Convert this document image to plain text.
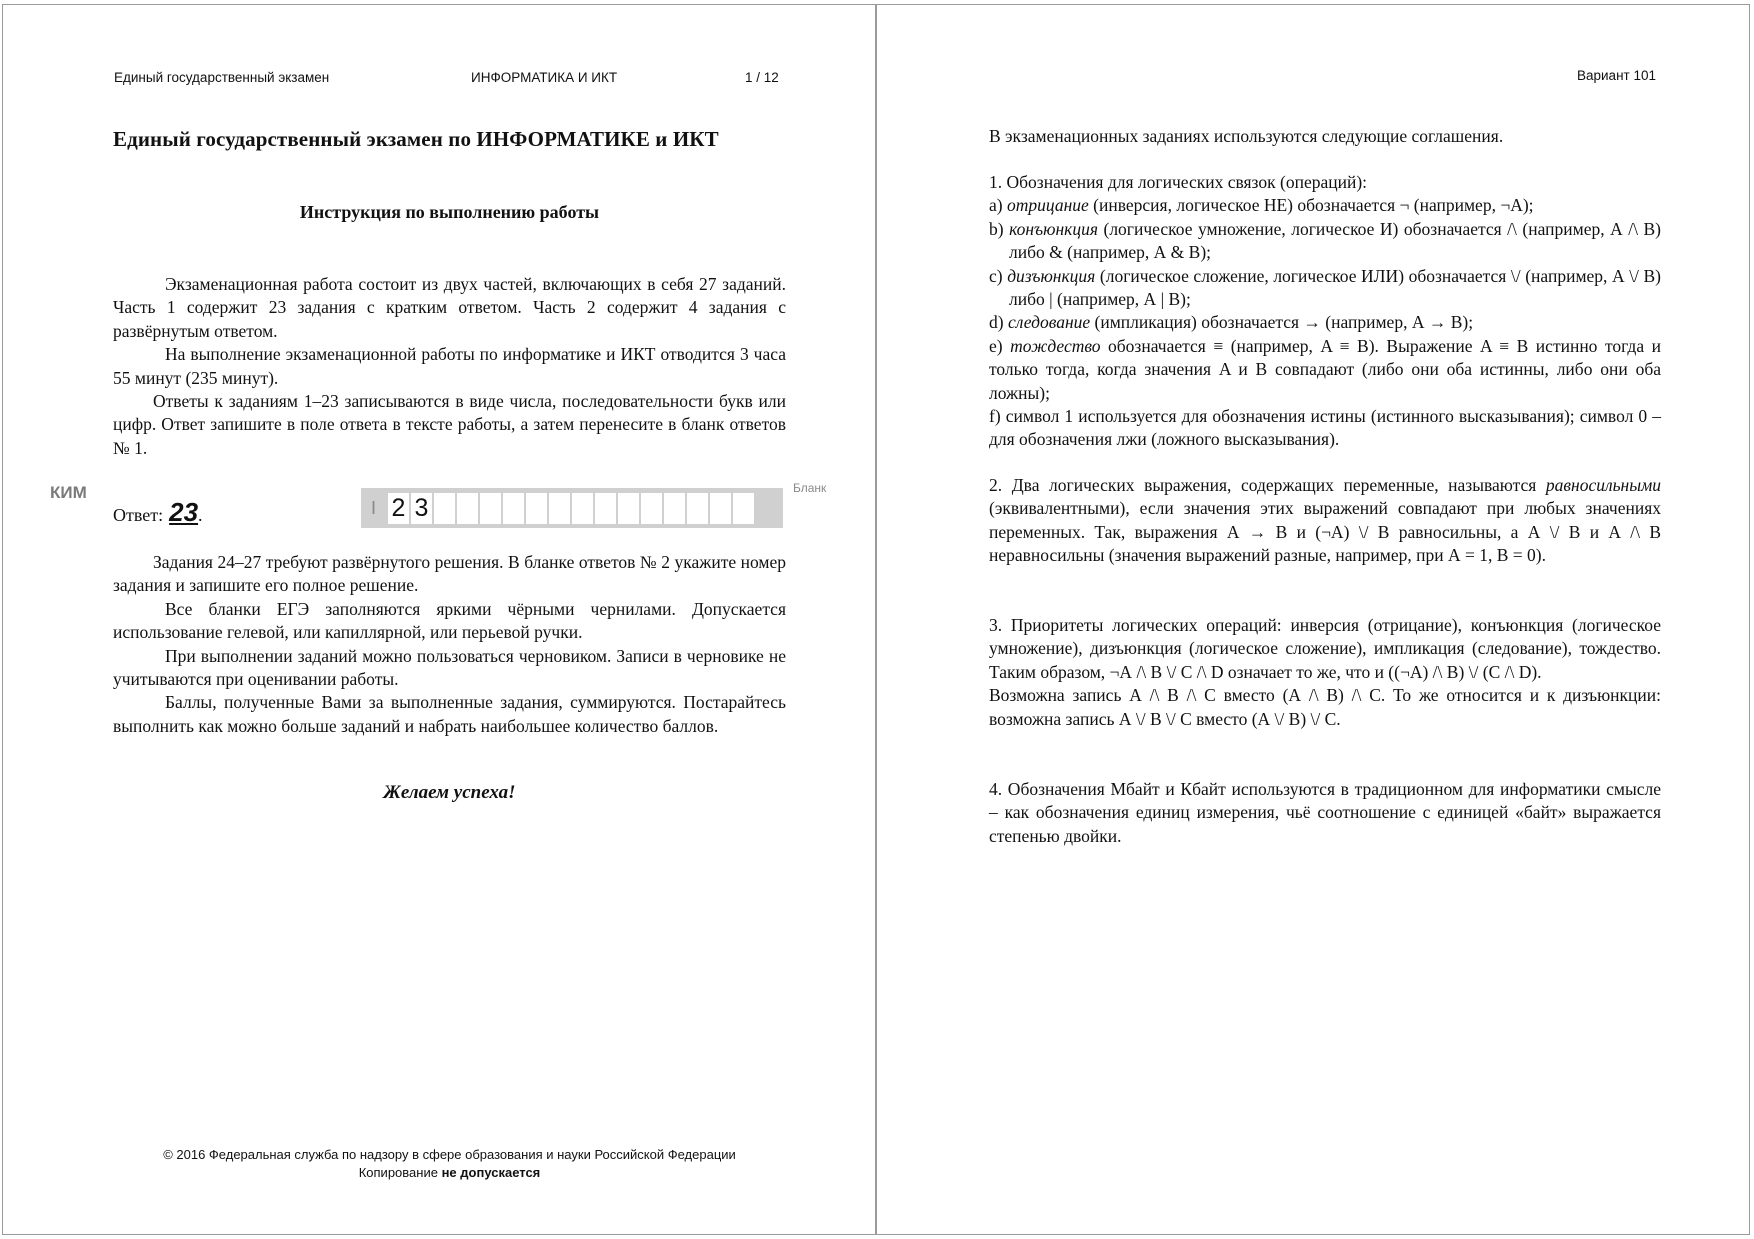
Единый государственный экзамен	ИНФОРМАТИКА И ИКТ	1 / 12
Единый государственный экзамен по ИНФОРМАТИКЕ и ИКТ
Инструкция по выполнению работы

Экзаменационная работа состоит из двух частей, включающих в себя 27 заданий. Часть 1 содержит 23 задания с кратким ответом. Часть 2 содержит 4 задания с развёрнутым ответом.

На выполнение экзаменационной работы по информатике и ИКТ отводится 3 часа 55 минут (235 минут).

Ответы к заданиям 1–23 записываются в виде числа, последовательности букв или цифр. Ответ запишите в поле ответа в тексте работы, а затем перенесите в бланк ответов № 1.

КИМ
Ответ: 23.
Бланк
I 2 3

Задания 24–27 требуют развёрнутого решения. В бланке ответов № 2 укажите номер задания и запишите его полное решение.

Все бланки ЕГЭ заполняются яркими чёрными чернилами. Допускается использование гелевой, или капиллярной, или перьевой ручки.

При выполнении заданий можно пользоваться черновиком. Записи в черновике не учитываются при оценивании работы.

Баллы, полученные Вами за выполненные задания, суммируются. Постарайтесь выполнить как можно больше заданий и набрать наибольшее количество баллов.

Желаем успеха!
© 2016 Федеральная служба по надзору в сфере образования и науки Российской Федерации
Копирование не допускается
Вариант 101

В экзаменационных заданиях используются следующие соглашения.

1. Обозначения для логических связок (операций):

a) отрицание (инверсия, логическое НЕ) обозначается ¬ (например, ¬А);

b) конъюнкция (логическое умножение, логическое И) обозначается /\ (например, А /\ В) либо & (например, А & В);

c) дизъюнкция (логическое сложение, логическое ИЛИ) обозначается \/ (например, А \/ В) либо | (например, А | В);

d) следование (импликация) обозначается → (например, А → В);

e) тождество обозначается ≡ (например, A ≡ B). Выражение A ≡ B истинно тогда и только тогда, когда значения A и B совпадают (либо они оба истинны, либо они оба ложны);

f) символ 1 используется для обозначения истины (истинного высказывания); символ 0 – для обозначения лжи (ложного высказывания).

2. Два логических выражения, содержащих переменные, называются равносильными (эквивалентными), если значения этих выражений совпадают при любых значениях переменных. Так, выражения А → В и (¬А) \/ В равносильны, а А \/ В и А /\ В неравносильны (значения выражений разные, например, при А = 1, В = 0).

3. Приоритеты логических операций: инверсия (отрицание), конъюнкция (логическое умножение), дизъюнкция (логическое сложение), импликация (следование), тождество. Таким образом, ¬А /\ В \/ С /\ D означает то же, что и ((¬А) /\ В) \/ (С /\ D).

Возможна запись А /\ В /\ С вместо (А /\ В) /\ С. То же относится и к дизъюнкции: возможна запись А \/ В \/ С вместо (А \/ В) \/ С.

4. Обозначения Мбайт и Кбайт используются в традиционном для информатики смысле – как обозначения единиц измерения, чьё соотношение с единицей «байт» выражается степенью двойки.
